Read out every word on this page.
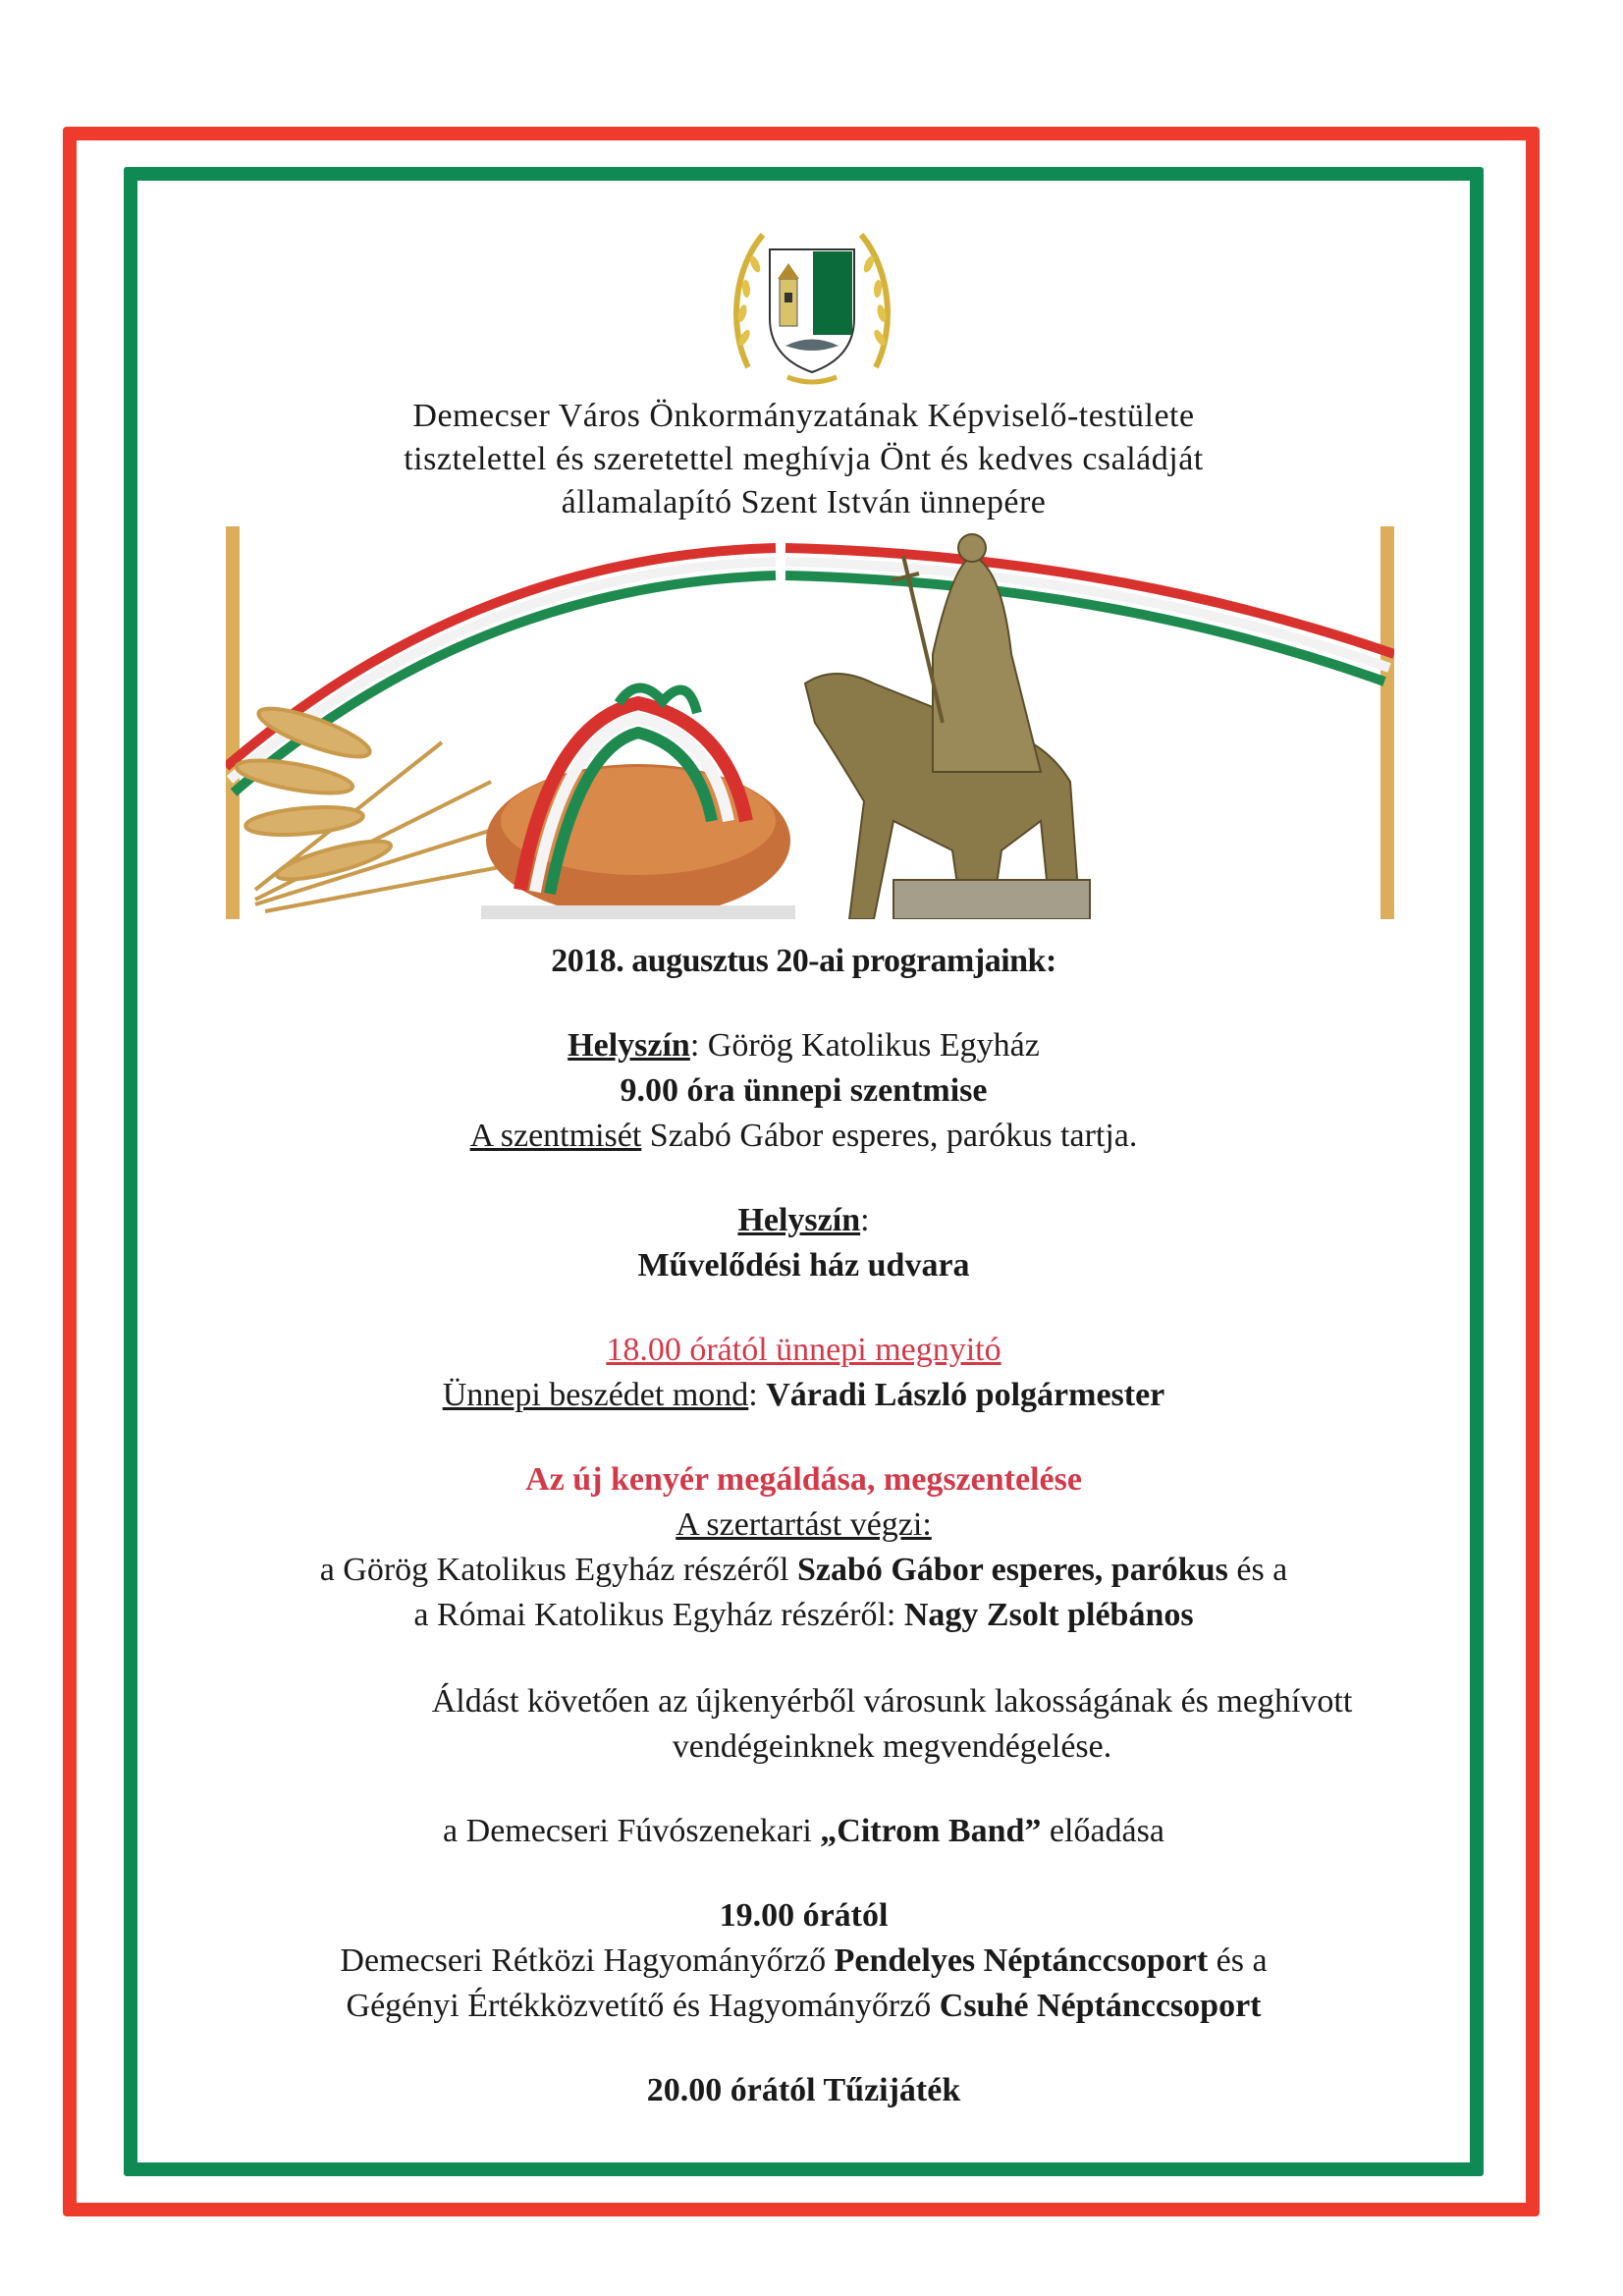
Demecser Város Önkormányzatának Képviselő-testülete
tisztelettel és szeretettel meghívja Önt és kedves családját
államalapító Szent István ünnepére
2018. augusztus 20-ai programjaink:
Helyszín: Görög Katolikus Egyház
9.00 óra ünnepi szentmise
A szentmisét Szabó Gábor esperes, parókus tartja.
Helyszín:
Művelődési ház udvara
18.00 órától ünnepi megnyitó
Ünnepi beszédet mond: Váradi László polgármester
Az új kenyér megáldása, megszentelése
A szertartást végzi:
a Görög Katolikus Egyház részéről Szabó Gábor esperes, parókus és a
a Római Katolikus Egyház részéről: Nagy Zsolt plébános
Áldást követően az újkenyérből városunk lakosságának és meghívott
vendégeinknek megvendégelése.
a Demecseri Fúvószenekari „Citrom Band” előadása
19.00 órától
Demecseri Rétközi Hagyományőrző Pendelyes Néptánccsoport és a
Gégényi Értékközvetítő és Hagyományőrző Csuhé Néptánccsoport
20.00 órától Tűzijáték
